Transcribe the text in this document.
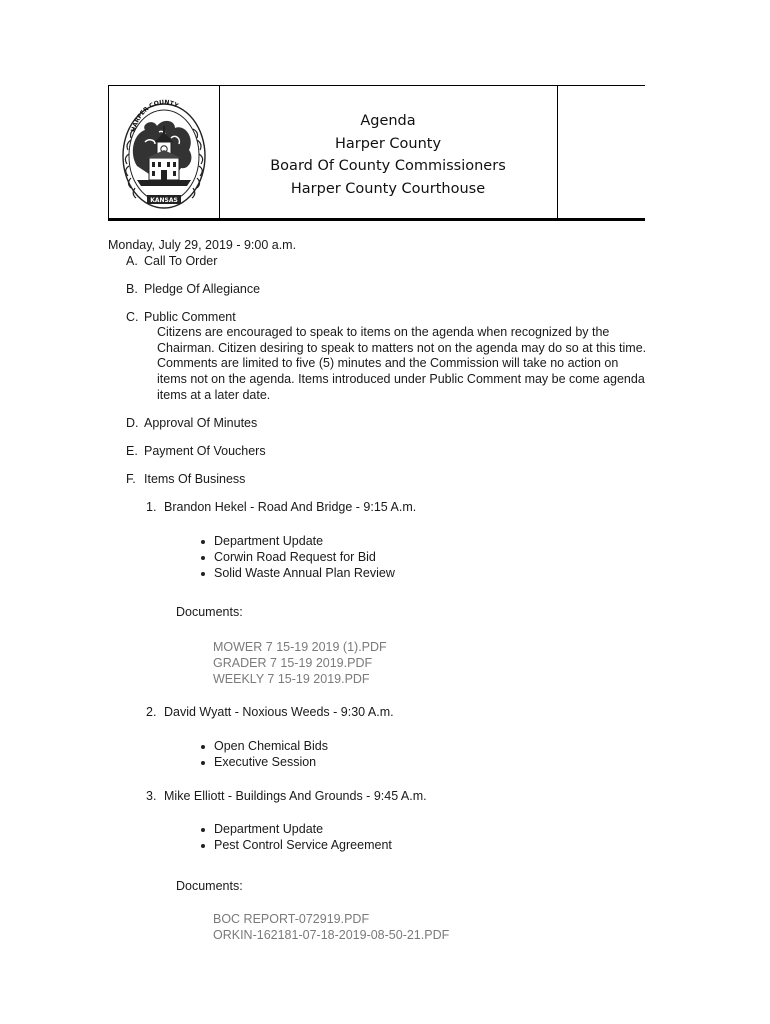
HARPER COUNTY
KANSAS
Agenda
Harper County
Board Of County Commissioners
Harper County Courthouse
Monday, July 29, 2019 - 9:00 a.m.
A. Call To Order
B. Pledge Of Allegiance
C. Public Comment
Citizens are encouraged to speak to items on the agenda when recognized by the Chairman. Citizen desiring to speak to matters not on the agenda may do so at this time. Comments are limited to five (5) minutes and the Commission will take no action on items not on the agenda. Items introduced under Public Comment may be come agenda items at a later date.
D. Approval Of Minutes
E. Payment Of Vouchers
F. Items Of Business
1. Brandon Hekel - Road And Bridge - 9:15 A.m.
Department Update
Corwin Road Request for Bid
Solid Waste Annual Plan Review
Documents:
MOWER 7 15-19 2019 (1).PDF
GRADER 7 15-19 2019.PDF
WEEKLY 7 15-19 2019.PDF
2. David Wyatt - Noxious Weeds - 9:30 A.m.
Open Chemical Bids
Executive Session
3. Mike Elliott - Buildings And Grounds - 9:45 A.m.
Department Update
Pest Control Service Agreement
Documents:
BOC REPORT-072919.PDF
ORKIN-162181-07-18-2019-08-50-21.PDF
